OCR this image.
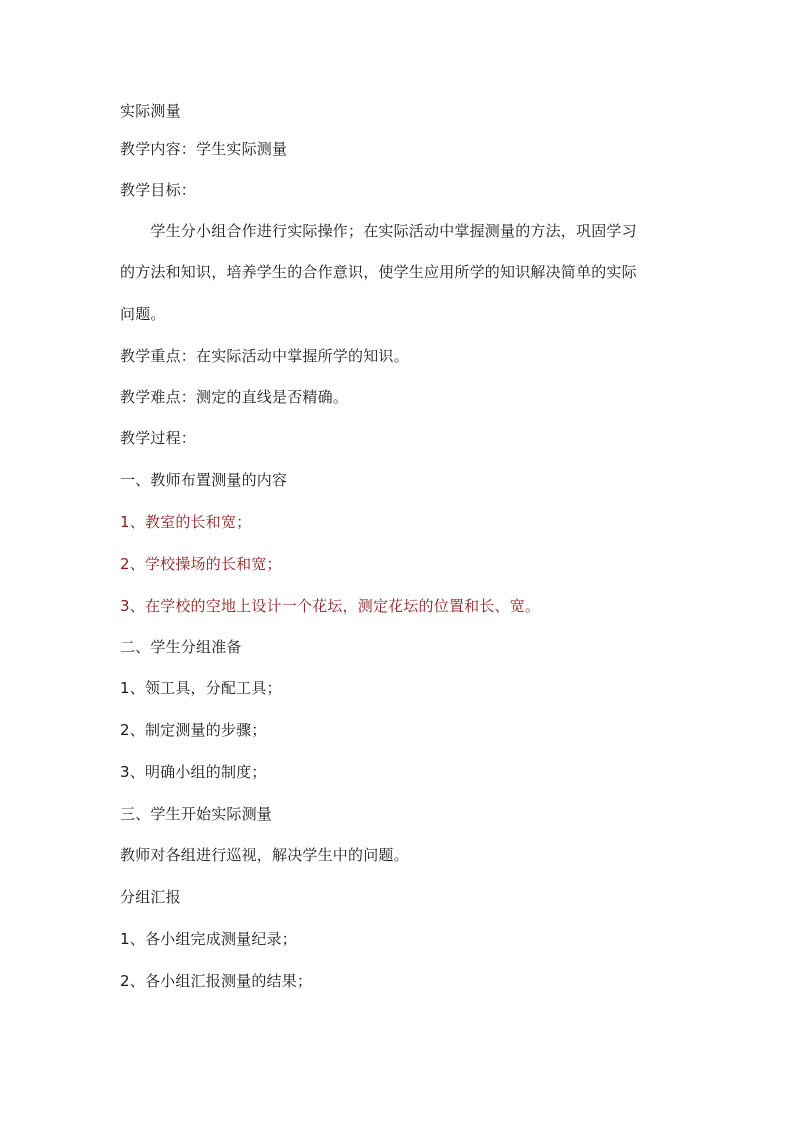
实际测量
教学内容：学生实际测量
教学目标：
　　学生分小组合作进行实际操作；在实际活动中掌握测量的方法，巩固学习
的方法和知识，培养学生的合作意识，使学生应用所学的知识解决简单的实际
问题。
教学重点：在实际活动中掌握所学的知识。
教学难点：测定的直线是否精确。
教学过程：
一、教师布置测量的内容
1、教室的长和宽；
2、学校操场的长和宽；
3、在学校的空地上设计一个花坛，测定花坛的位置和长、宽。
二、学生分组准备
1、领工具，分配工具；
2、制定测量的步骤；
3、明确小组的制度；
三、学生开始实际测量
教师对各组进行巡视，解决学生中的问题。
分组汇报
1、各小组完成测量纪录；
2、各小组汇报测量的结果；
